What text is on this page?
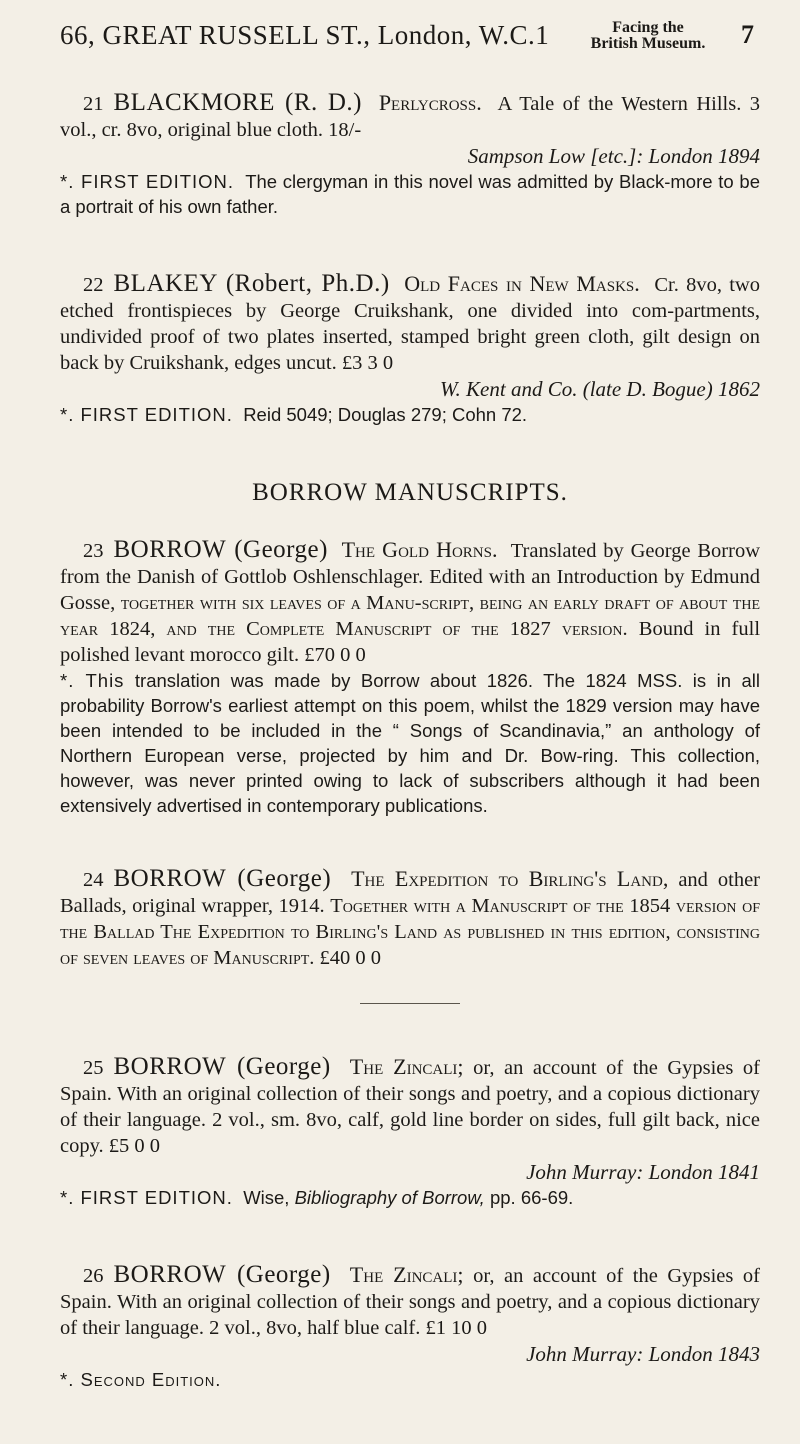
66, GREAT RUSSELL ST., London, W.C.1	Facing the
British Museum.	7
21 BLACKMORE (R. D.) Perlycross. A Tale of the Western Hills. 3 vol., cr. 8vo, original blue cloth. 18/-
Sampson Low [etc.]: London 1894
*. FIRST EDITION. The clergyman in this novel was admitted by Black-more to be a portrait of his own father.
22 BLAKEY (Robert, Ph.D.) Old Faces in New Masks. Cr. 8vo, two etched frontispieces by George Cruikshank, one divided into com-partments, undivided proof of two plates inserted, stamped bright green cloth, gilt design on back by Cruikshank, edges uncut. £3 3 0
W. Kent and Co. (late D. Bogue) 1862
*. FIRST EDITION. Reid 5049; Douglas 279; Cohn 72.
BORROW MANUSCRIPTS.
23 BORROW (George) The Gold Horns. Translated by George Borrow from the Danish of Gottlob Oshlenschlager. Edited with an Introduction by Edmund Gosse, together with six leaves of a Manu-script, being an early draft of about the year 1824, and the Complete Manuscript of the 1827 version. Bound in full polished levant morocco gilt. £70 0 0
*. This translation was made by Borrow about 1826. The 1824 MSS. is in all probability Borrow's earliest attempt on this poem, whilst the 1829 version may have been intended to be included in the “ Songs of Scandinavia,” an anthology of Northern European verse, projected by him and Dr. Bow-ring. This collection, however, was never printed owing to lack of subscribers although it had been extensively advertised in contemporary publications.
24 BORROW (George) The Expedition to Birling's Land, and other Ballads, original wrapper, 1914. Together with a Manuscript of the 1854 version of the Ballad The Expedition to Birling's Land as published in this edition, consisting of seven leaves of Manuscript. £40 0 0
25 BORROW (George) The Zincali; or, an account of the Gypsies of Spain. With an original collection of their songs and poetry, and a copious dictionary of their language. 2 vol., sm. 8vo, calf, gold line border on sides, full gilt back, nice copy. £5 0 0
John Murray: London 1841
*. FIRST EDITION. Wise, Bibliography of Borrow, pp. 66-69.
26 BORROW (George) The Zincali; or, an account of the Gypsies of Spain. With an original collection of their songs and poetry, and a copious dictionary of their language. 2 vol., 8vo, half blue calf. £1 10 0
John Murray: London 1843
*. Second Edition.
